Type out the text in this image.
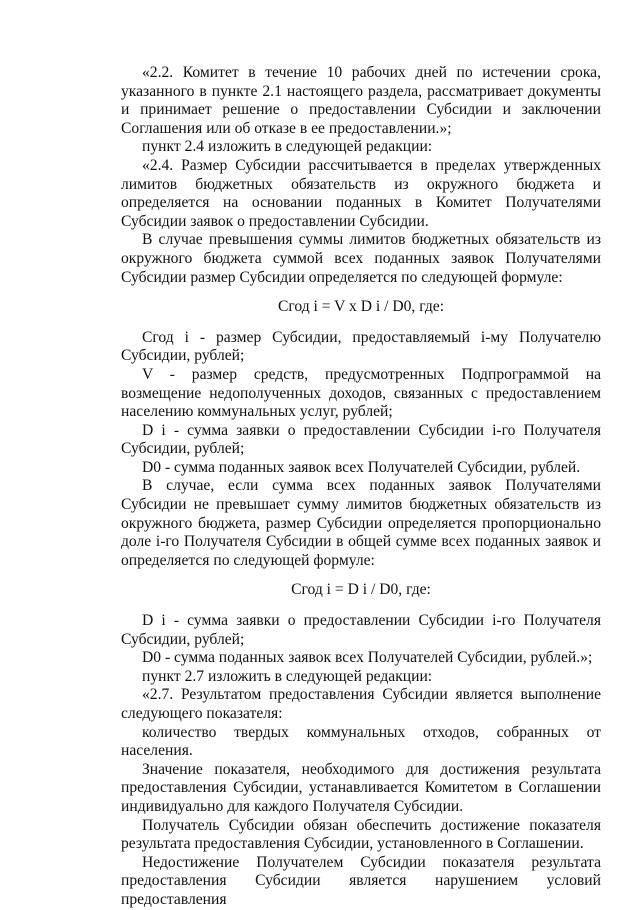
«2.2. Комитет в течение 10 рабочих дней по истечении срока, указанного в пункте 2.1 настоящего раздела, рассматривает документы и принимает решение о предоставлении Субсидии и заключении Соглашения или об отказе в ее предоставлении.»;

пункт 2.4 изложить в следующей редакции:

«2.4. Размер Субсидии рассчитывается в пределах утвержденных лимитов бюджетных обязательств из окружного бюджета и определяется на основании поданных в Комитет Получателями Субсидии заявок о предоставлении Субсидии.

В случае превышения суммы лимитов бюджетных обязательств из окружного бюджета суммой всех поданных заявок Получателями Субсидии размер Субсидии определяется по следующей формуле:

Сгод i = V х D i / D0, где:

Сгод i - размер Субсидии, предоставляемый i-му Получателю Субсидии, рублей;

V - размер средств, предусмотренных Подпрограммой на возмещение недополученных доходов, связанных с предоставлением населению коммунальных услуг, рублей;

D i - сумма заявки о предоставлении Субсидии i-го Получателя Субсидии, рублей;

D0 - сумма поданных заявок всех Получателей Субсидии, рублей.

В случае, если сумма всех поданных заявок Получателями Субсидии не превышает сумму лимитов бюджетных обязательств из окружного бюджета, размер Субсидии определяется пропорционально доле i-го Получателя Субсидии в общей сумме всех поданных заявок и определяется по следующей формуле:

Сгод i = D i / D0, где:

D i - сумма заявки о предоставлении Субсидии i-го Получателя Субсидии, рублей;

D0 - сумма поданных заявок всех Получателей Субсидии, рублей.»;

пункт 2.7 изложить в следующей редакции:

«2.7. Результатом предоставления Субсидии является выполнение следующего показателя:

количество твердых коммунальных отходов, собранных от населения.

Значение показателя, необходимого для достижения результата предоставления Субсидии, устанавливается Комитетом в Соглашении индивидуально для каждого Получателя Субсидии.

Получатель Субсидии обязан обеспечить достижение показателя результата предоставления Субсидии, установленного в Соглашении.

Недостижение Получателем Субсидии показателя результата предоставления Субсидии является нарушением условий предоставления
